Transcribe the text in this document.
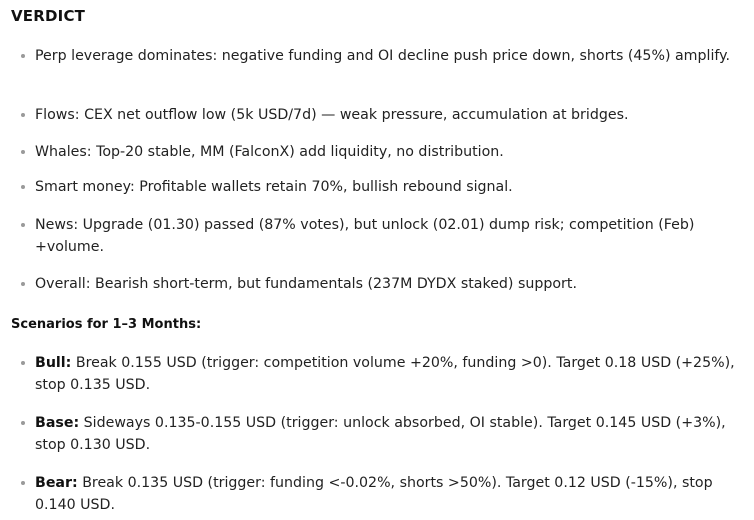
VERDICT
Perp leverage dominates: negative funding and OI decline push price down, shorts (45%) amplify.
Flows: CEX net outflow low (5k USD/7d) — weak pressure, accumulation at bridges.
Whales: Top-20 stable, MM (FalconX) add liquidity, no distribution.
Smart money: Profitable wallets retain 70%, bullish rebound signal.
News: Upgrade (01.30) passed (87% votes), but unlock (02.01) dump risk; competition (Feb) +volume.
Overall: Bearish short-term, but fundamentals (237M DYDX staked) support.
Scenarios for 1–3 Months:
Bull: Break 0.155 USD (trigger: competition volume +20%, funding >0). Target 0.18 USD (+25%), stop 0.135 USD.
Base: Sideways 0.135-0.155 USD (trigger: unlock absorbed, OI stable). Target 0.145 USD (+3%), stop 0.130 USD.
Bear: Break 0.135 USD (trigger: funding <-0.02%, shorts >50%). Target 0.12 USD (-15%), stop 0.140 USD.
